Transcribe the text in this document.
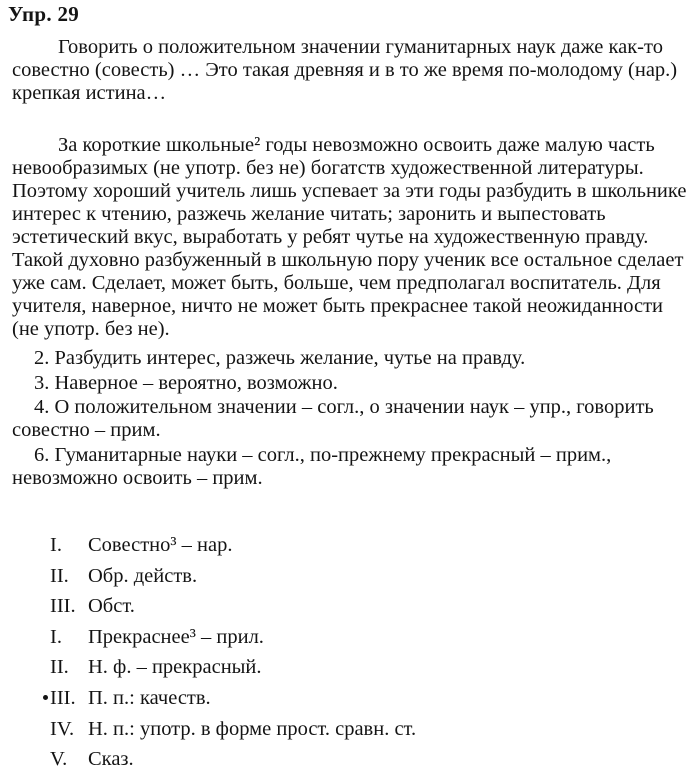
Упр. 29

Говорить о положительном значении гуманитарных наук даже как-то совестно (совесть) … Это такая древняя и в то же время по-молодому (нар.) крепкая истина…

За короткие школьные² годы невозможно освоить даже малую часть невообразимых (не употр. без не) богатств художественной литературы. Поэтому хороший учитель лишь успевает за эти годы разбудить в школьнике интерес к чтению, разжечь желание читать; заронить и выпестовать эстетический вкус, выработать у ребят чутье на художественную правду. Такой духовно разбуженный в школьную пору ученик все остальное сделает уже сам. Сделает, может быть, больше, чем предполагал воспитатель. Для учителя, наверное, ничто не может быть прекраснее такой неожиданности (не употр. без не).

2. Разбудить интерес, разжечь желание, чутье на правду.

3. Наверное – вероятно, возможно.

4. О положительном значении – согл., о значении наук – упр., говорить совестно – прим.

6. Гуманитарные науки – согл., по-прежнему прекрасный – прим., невозможно освоить – прим.

I.	Совестно³ – нар.
II. Обр. действ.
III. Обст.
I.	Прекраснее³ – прил.
II. Н. ф. – прекрасный.
III. П. п.: качеств.
IV. Н. п.: употр. в форме прост. сравн. ст.
V.	Сказ.
